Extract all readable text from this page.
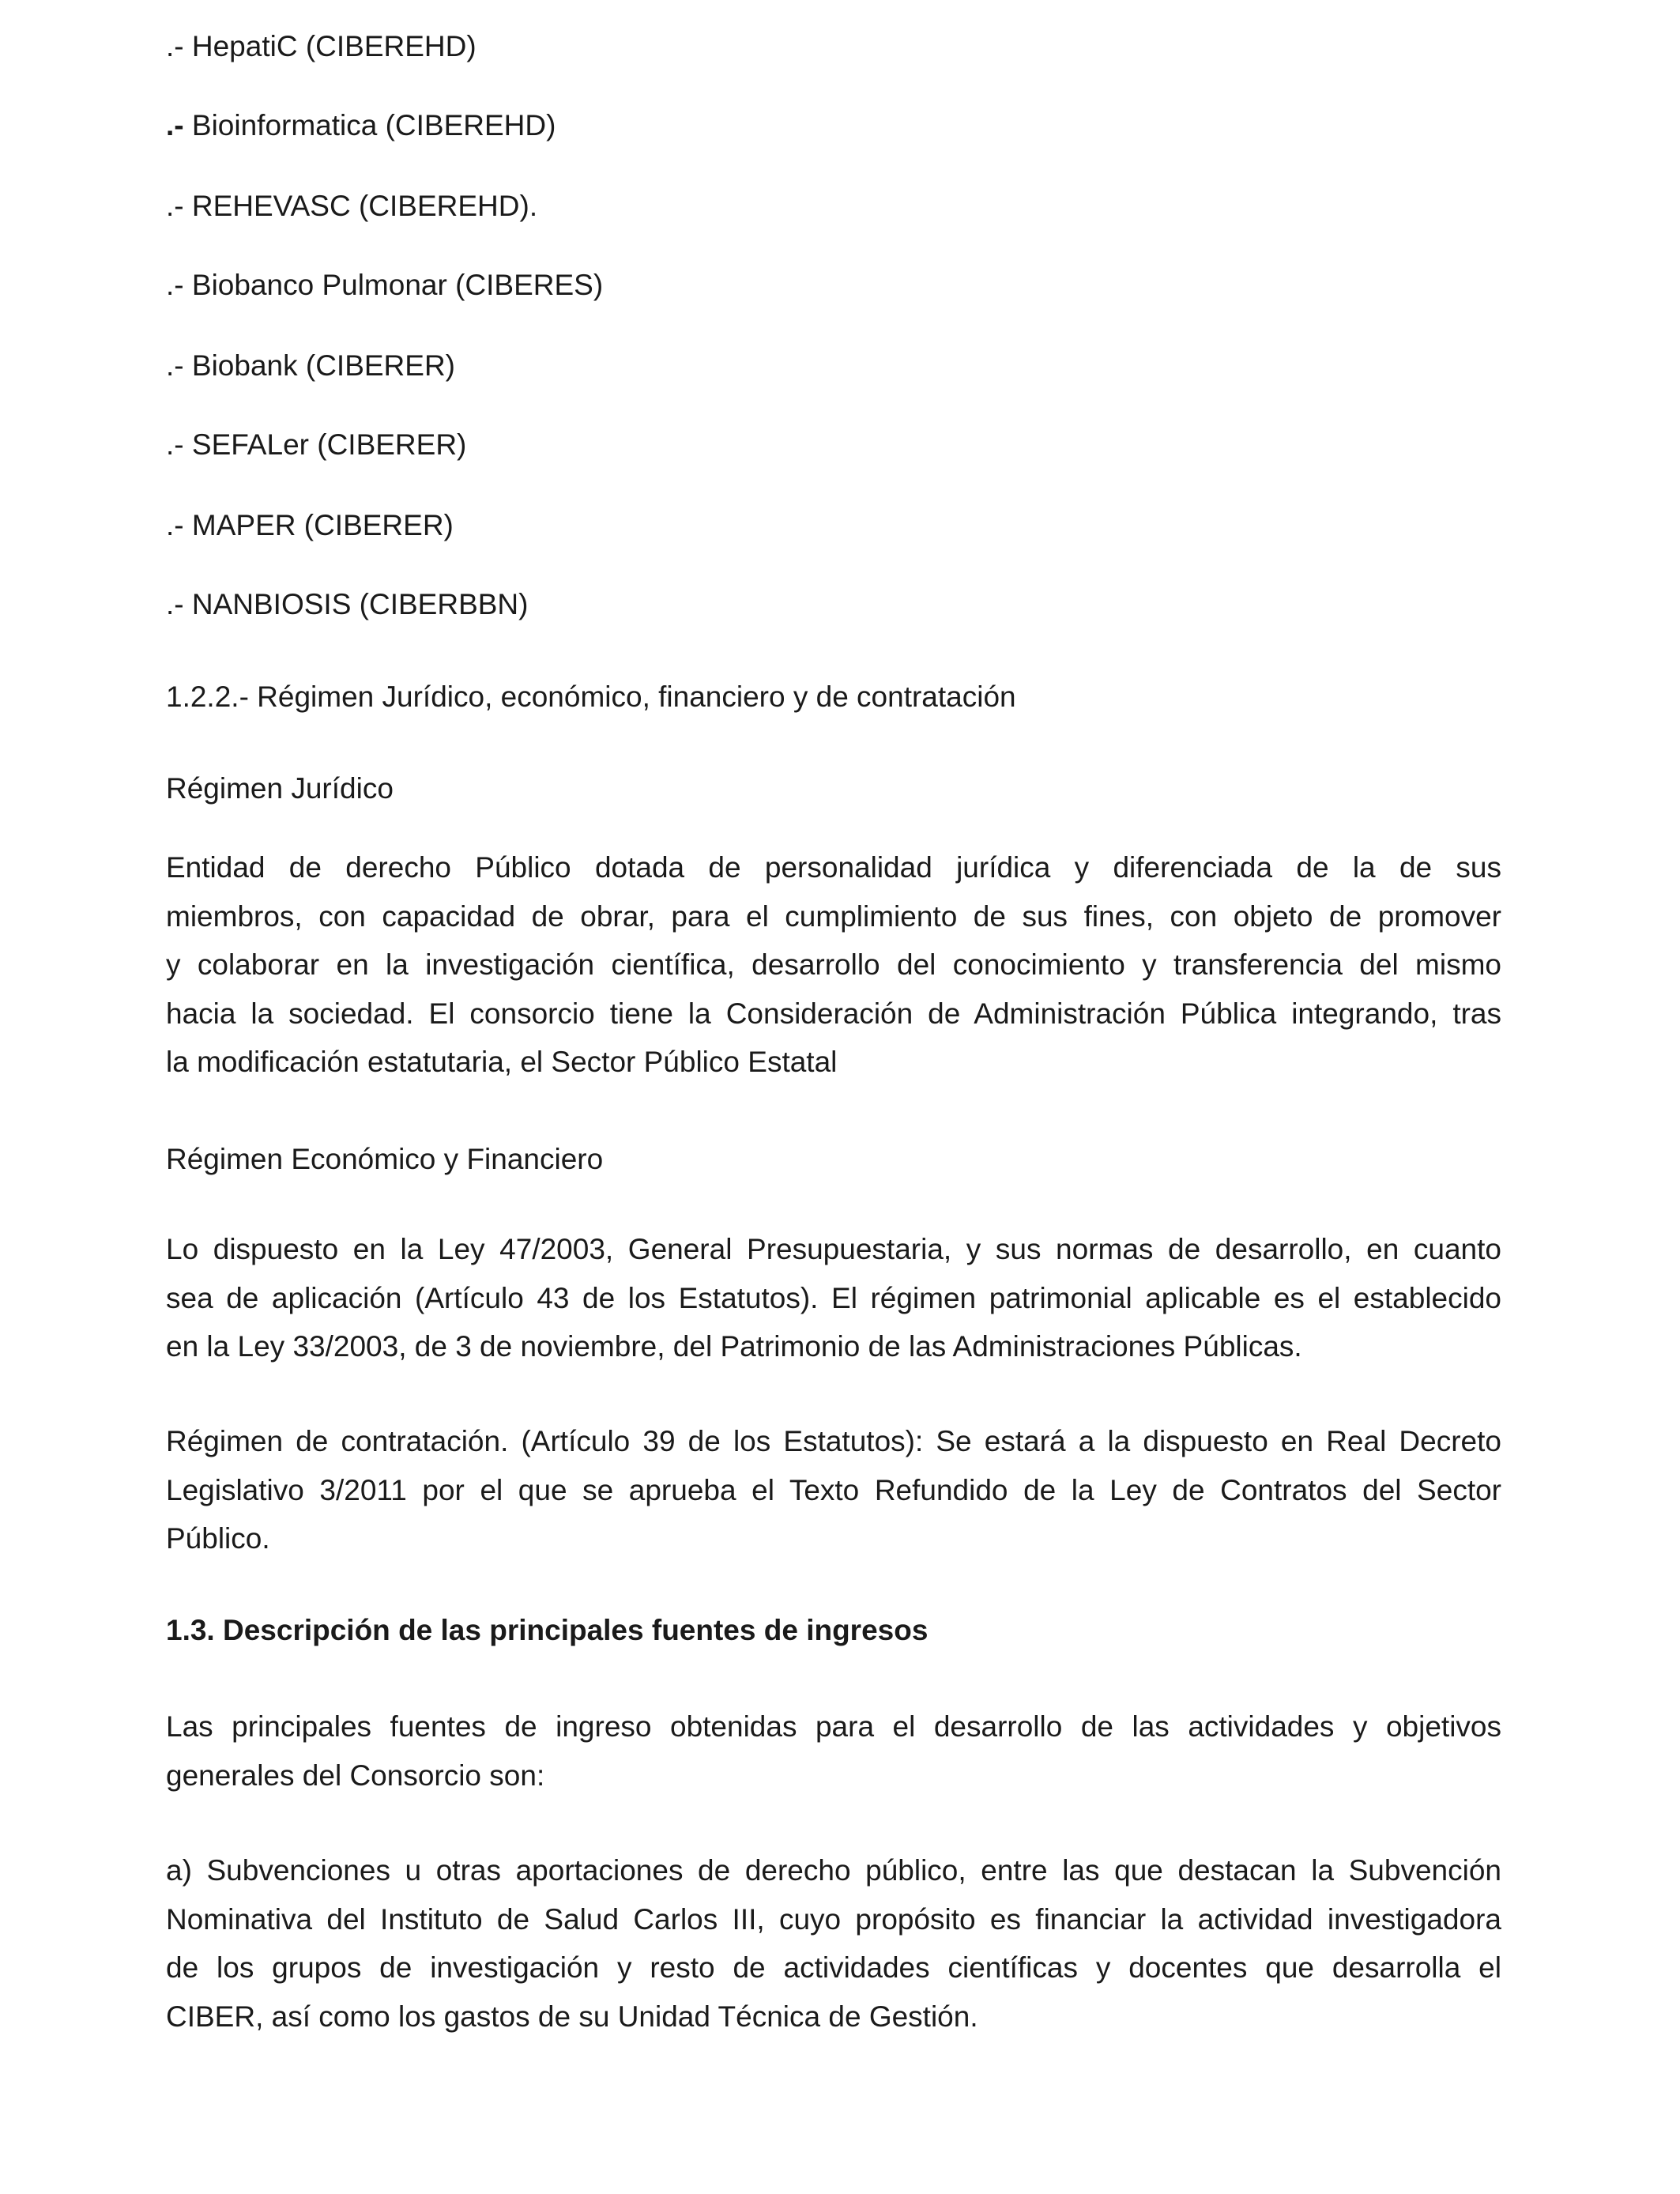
.- HepatiC (CIBEREHD)
.- Bioinformatica (CIBEREHD)
.- REHEVASC (CIBEREHD).
.- Biobanco Pulmonar (CIBERES)
.- Biobank (CIBERER)
.- SEFALer (CIBERER)
.- MAPER (CIBERER)
.- NANBIOSIS (CIBERBBN)
1.2.2.- Régimen Jurídico, económico, financiero y de contratación
Régimen Jurídico
Entidad de derecho Público dotada de personalidad jurídica y diferenciada de la de sus
miembros, con capacidad de obrar, para el cumplimiento de sus fines, con objeto de promover
y colaborar en la investigación científica, desarrollo del conocimiento y transferencia del mismo
hacia la sociedad. El consorcio tiene la Consideración de Administración Pública integrando, tras
la modificación estatutaria, el Sector Público Estatal
Régimen Económico y Financiero
Lo dispuesto en la Ley 47/2003, General Presupuestaria, y sus normas de desarrollo, en cuanto
sea de aplicación (Artículo 43 de los Estatutos). El régimen patrimonial aplicable es el establecido
en la Ley 33/2003, de 3 de noviembre, del Patrimonio de las Administraciones Públicas.
Régimen de contratación. (Artículo 39 de los Estatutos): Se estará a la dispuesto en Real Decreto
Legislativo 3/2011 por el que se aprueba el Texto Refundido de la Ley de Contratos del Sector
Público.
1.3. Descripción de las principales fuentes de ingresos
Las principales fuentes de ingreso obtenidas para el desarrollo de las actividades y objetivos
generales del Consorcio son:
a) Subvenciones u otras aportaciones de derecho público, entre las que destacan la Subvención
Nominativa del Instituto de Salud Carlos III, cuyo propósito es financiar la actividad investigadora
de los grupos de investigación y resto de actividades científicas y docentes que desarrolla el
CIBER, así como los gastos de su Unidad Técnica de Gestión.
